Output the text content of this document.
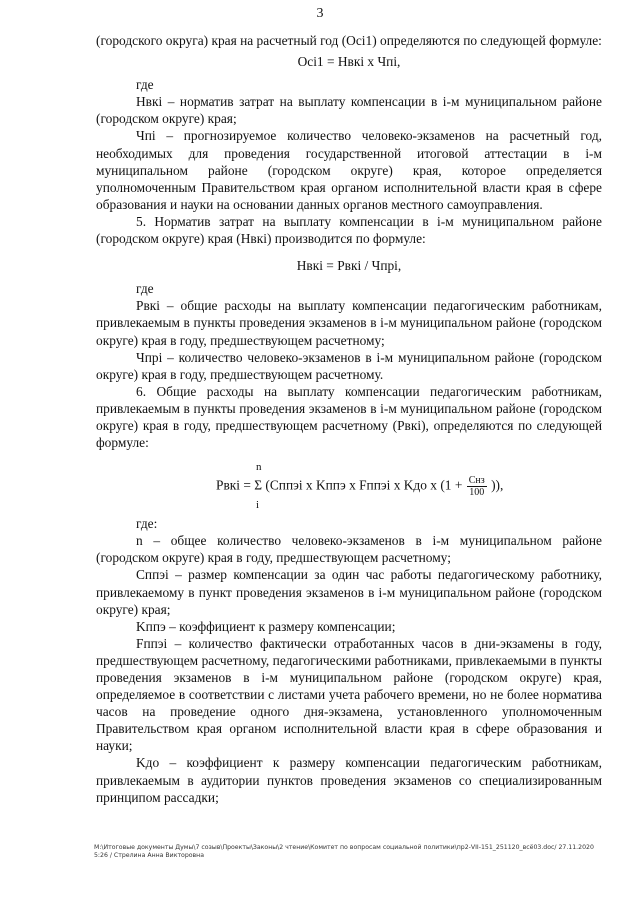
3

(городского округа) края на расчетный год (Oci1) определяются по следующей формуле:

Oci1 = Hвкi x Чпi,

где

Hвкi – норматив затрат на выплату компенсации в i-м муниципальном районе (городском округе) края;

Чпi – прогнозируемое количество человеко-экзаменов на расчетный год, необходимых для проведения государственной итоговой аттестации в i-м муниципальном районе (городском округе) края, которое определяется уполномоченным Правительством края органом исполнительной власти края в сфере образования и науки на основании данных органов местного самоуправления.

5. Норматив затрат на выплату компенсации в i-м муниципальном районе (городском округе) края (Hвкi) производится по формуле:

Hвкi = Pвкi / Чпрi,

где

Pвкi – общие расходы на выплату компенсации педагогическим работникам, привлекаемым в пункты проведения экзаменов в i-м муниципальном районе (городском округе) края в году, предшествующем расчетному;

Чпрi – количество человеко-экзаменов в i-м муниципальном районе (городском округе) края в году, предшествующем расчетному.

6. Общие расходы на выплату компенсации педагогическим работникам, привлекаемым в пункты проведения экзаменов в i-м муниципальном районе (городском округе) края в году, предшествующем расчетному (Pвкi), определяются по следующей формуле:

n
Pвкi = Σ (Cппэi x Kппэ x Fппэi x Kдо x ($1 + \frac{\text{Cнз}}{100}$ )),
i

где:

n – общее количество человеко-экзаменов в i-м муниципальном районе (городском округе) края в году, предшествующем расчетному;

Cппэi – размер компенсации за один час работы педагогическому работнику, привлекаемому в пункт проведения экзаменов в i-м муниципальном районе (городском округе) края;

Kппэ – коэффициент к размеру компенсации;

Fппэi – количество фактически отработанных часов в дни-экзамены в году, предшествующем расчетному, педагогическими работниками, привлекаемыми в пункты проведения экзаменов в i-м муниципальном районе (городском округе) края, определяемое в соответствии с листами учета рабочего времени, но не более норматива часов на проведение одного дня-экзамена, установленного уполномоченным Правительством края органом исполнительной власти края в сфере образования и науки;

Kдо – коэффициент к размеру компенсации педагогическим работникам, привлекаемым в аудитории пунктов проведения экзаменов со специализированным принципом рассадки;

M:\Итоговые документы Думы\7 созыв\Проекты\Законы\2 чтение\Комитет по вопросам социальной политики\пр2-VII-151_251120_всё03.doc/ 27.11.2020
5:26 / Стрелина Анна Викторовна
